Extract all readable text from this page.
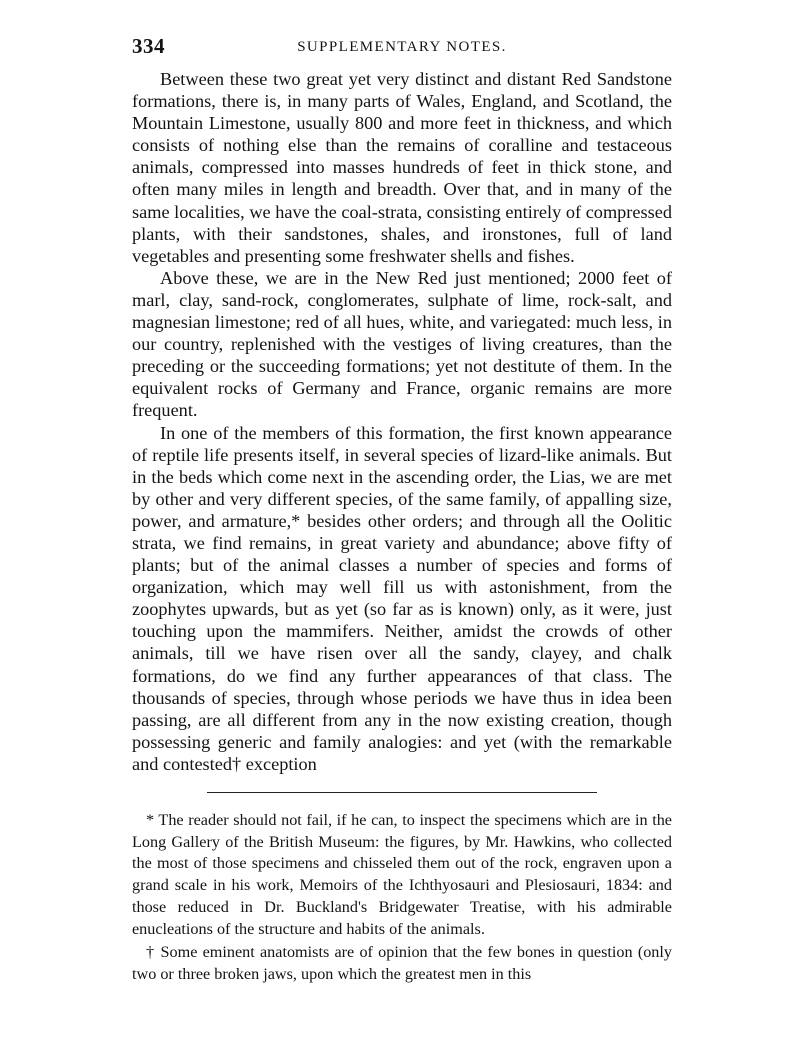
334	SUPPLEMENTARY NOTES.

Between these two great yet very distinct and distant Red Sandstone formations, there is, in many parts of Wales, England, and Scotland, the Mountain Limestone, usually 800 and more feet in thickness, and which consists of nothing else than the remains of coralline and testaceous animals, compressed into masses hundreds of feet in thick stone, and often many miles in length and breadth. Over that, and in many of the same localities, we have the coal-strata, consisting entirely of compressed plants, with their sandstones, shales, and ironstones, full of land vegetables and presenting some freshwater shells and fishes.

Above these, we are in the New Red just mentioned; 2000 feet of marl, clay, sand-rock, conglomerates, sulphate of lime, rock-salt, and magnesian limestone; red of all hues, white, and variegated: much less, in our country, replenished with the vestiges of living creatures, than the preceding or the succeeding formations; yet not destitute of them. In the equivalent rocks of Germany and France, organic remains are more frequent.

In one of the members of this formation, the first known appearance of reptile life presents itself, in several species of lizard-like animals. But in the beds which come next in the ascending order, the Lias, we are met by other and very different species, of the same family, of appalling size, power, and armature,* besides other orders; and through all the Oolitic strata, we find remains, in great variety and abundance; above fifty of plants; but of the animal classes a number of species and forms of organization, which may well fill us with astonishment, from the zoophytes upwards, but as yet (so far as is known) only, as it were, just touching upon the mammifers. Neither, amidst the crowds of other animals, till we have risen over all the sandy, clayey, and chalk formations, do we find any further appearances of that class. The thousands of species, through whose periods we have thus in idea been passing, are all different from any in the now existing creation, though possessing generic and family analogies: and yet (with the remarkable and contested† exception

* The reader should not fail, if he can, to inspect the specimens which are in the Long Gallery of the British Museum: the figures, by Mr. Hawkins, who collected the most of those specimens and chisseled them out of the rock, engraven upon a grand scale in his work, Memoirs of the Ichthyosauri and Plesiosauri, 1834: and those reduced in Dr. Buckland's Bridgewater Treatise, with his admirable enucleations of the structure and habits of the animals.

† Some eminent anatomists are of opinion that the few bones in question (only two or three broken jaws, upon which the greatest men in this
